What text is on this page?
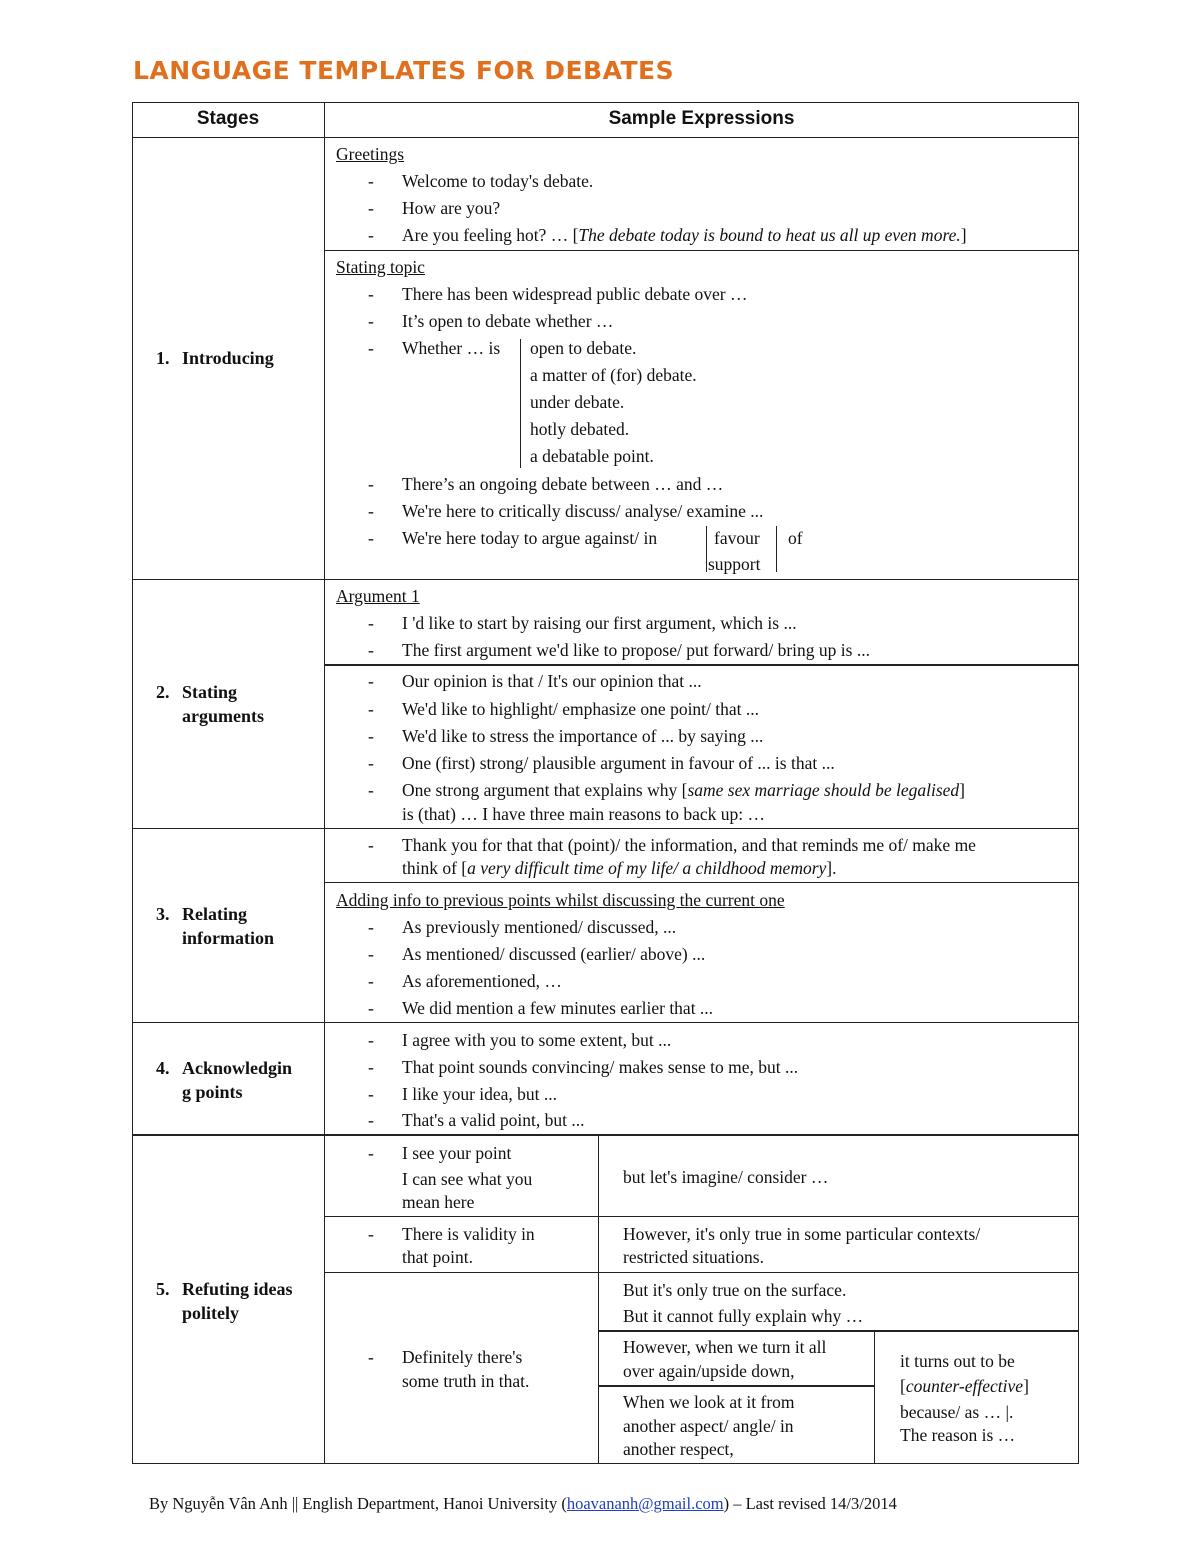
LANGUAGE TEMPLATES FOR DEBATES
Stages	Sample Expressions
1. Introducing
2. Stating
arguments
3. Relating
information
4. Acknowledgin
g points
5. Refuting ideas
politely
Greetings
- Welcome to today's debate.
- How are you?
- Are you feeling hot? … [The debate today is bound to heat us all up even more.]
Stating topic
- There has been widespread public debate over …
- It’s open to debate whether …
- Whether … is open to debate.
a matter of (for) debate.
under debate.
hotly debated.
a debatable point.
- There’s an ongoing debate between … and …
- We're here to critically discuss/ analyse/ examine ...
- We're here today to argue against/ in	favour
support
of
Argument 1
- I 'd like to start by raising our first argument, which is ...
- The first argument we'd like to propose/ put forward/ bring up is ...
- Our opinion is that / It's our opinion that ...
- We'd like to highlight/ emphasize one point/ that ...
- We'd like to stress the importance of ... by saying ...
- One (first) strong/ plausible argument in favour of ... is that ...
- One strong argument that explains why [same sex marriage should be legalised]
is (that) … I have three main reasons to back up: …
- Thank you for that that (point)/ the information, and that reminds me of/ make me
think of [a very difficult time of my life/ a childhood memory].
Adding info to previous points whilst discussing the current one
- As previously mentioned/ discussed, ...
- As mentioned/ discussed (earlier/ above) ...
- As aforementioned, …
- We did mention a few minutes earlier that ...
- I agree with you to some extent, but ...
- That point sounds convincing/ makes sense to me, but ...
- I like your idea, but ...
- That's a valid point, but ...
- I see your point
I can see what you
mean here
but let's imagine/ consider …
- There is validity in
that point.
However, it's only true in some particular contexts/
restricted situations.
- Definitely there's
some truth in that.
But it's only true on the surface.
But it cannot fully explain why …
However, when we turn it all
over again/upside down,
When we look at it from
another aspect/ angle/ in
another respect,
it turns out to be
[counter-effective]
because/ as … |.
The reason is …
By Nguyễn Vân Anh || English Department, Hanoi University (hoavananh@gmail.com) – Last revised 14/3/2014
